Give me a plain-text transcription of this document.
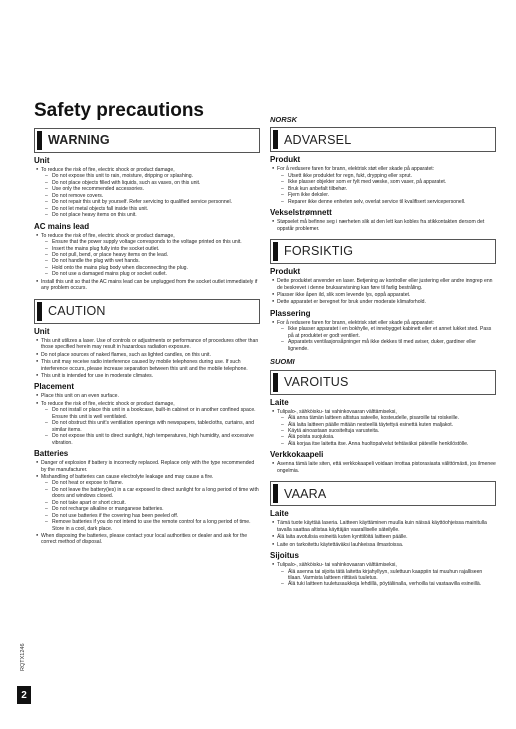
Safety precautions
WARNING
Unit

● To reduce the risk of fire, electric shock or product damage,

– Do not expose this unit to rain, moisture, dripping or splashing.

– Do not place objects filled with liquids, such as vases, on this unit.

– Use only the recommended accessories.

– Do not remove covers.

– Do not repair this unit by yourself. Refer servicing to qualified service personnel.

– Do not let metal objects fall inside this unit.

– Do not place heavy items on this unit.

AC mains lead

● To reduce the risk of fire, electric shock or product damage,

– Ensure that the power supply voltage corresponds to the voltage printed on this unit.

– Insert the mains plug fully into the socket outlet.

– Do not pull, bend, or place heavy items on the lead.

– Do not handle the plug with wet hands.

– Hold onto the mains plug body when disconnecting the plug.

– Do not use a damaged mains plug or socket outlet.

● Install this unit so that the AC mains lead can be unplugged from the socket outlet immediately if any problem occurs.

CAUTION
Unit

● This unit utilizes a laser. Use of controls or adjustments or performance of procedures other than those specified herein may result in hazardous radiation exposure.

● Do not place sources of naked flames, such as lighted candles, on this unit.

● This unit may receive radio interference caused by mobile telephones during use. If such interference occurs, please increase separation between this unit and the mobile telephone.

● This unit is intended for use in moderate climates.

Placement

● Place this unit on an even surface.

● To reduce the risk of fire, electric shock or product damage,

– Do not install or place this unit in a bookcase, built-in cabinet or in another confined space. Ensure this unit is well ventilated.

– Do not obstruct this unit's ventilation openings with newspapers, tablecloths, curtains, and similar items.

– Do not expose this unit to direct sunlight, high temperatures, high humidity, and excessive vibration.

Batteries

● Danger of explosion if battery is incorrectly replaced. Replace only with the type recommended by the manufacturer.

● Mishandling of batteries can cause electrolyte leakage and may cause a fire.

– Do not heat or expose to flame.

– Do not leave the battery(ies) in a car exposed to direct sunlight for a long period of time with doors and windows closed.

– Do not take apart or short circuit.

– Do not recharge alkaline or manganese batteries.

– Do not use batteries if the covering has been peeled off.

– Remove batteries if you do not intend to use the remote control for a long period of time. Store in a cool, dark place.

● When disposing the batteries, please contact your local authorities or dealer and ask for the correct method of disposal.

NORSK
ADVARSEL
Produkt

● For å redusere faren for brann, elektrisk støt eller skade på apparatet:

– Utsett ikke produktet for regn, fukt, drypping eller sprut.

– Ikke plasser objekter som er fylt med væske, som vaser, på apparatet.

– Bruk kun anbefalt tilbehør.

– Fjern ikke deksler.

– Reparer ikke denne enheten selv, overlat service til kvalifisert servicepersonell.

Vekselstrømnett

● Støpselet må befinne seg i nærheten slik at den lett kan kobles fra stikkontakten dersom det oppstår problemer.

FORSIKTIG
Produkt

● Dette produktet anvender en laser. Betjening av kontroller eller justering eller andre inngrep enn de beskrevet i denne bruksanvisning kan føre til farlig bestråling.

● Plasser ikke åpen ild, slik som levende lys, oppå apparatet.

● Dette apparatet er beregnet for bruk under moderate klimaforhold.

Plassering

● For å redusere faren for brann, elektrisk støt eller skade på apparatet:

– Ikke plasser apparatet i en bokhylle, et innebygget kabinett eller et annet lukket sted. Pass på at produktet er godt ventilert.

– Apparatets ventilasjonsåpninger må ikke dekkes til med aviser, duker, gardiner eller lignende.

SUOMI
VAROITUS
Laite

● Tulipalo-, sähköisku- tai vahinkovaaran välttämiseksi,

– Älä anna tämän laitteen altistua sateelle, kosteudelle, pisaroille tai roiskeille.

– Älä laita laitteen päälle mitään nesteellä täytettyä esinettä kuten maljakot.

– Käytä ainoastaan suositeltuja varusteita.

– Älä poista suojuksia.

– Älä korjaa itse laitetta itse. Anna huoltopalvelut tehtäväksi päteville henkilöstölle.

Verkkokaapeli

● Asenna tämä laite siten, että verkkokaapeli voidaan irrottaa pistorasiasta välittömästi, jos ilmenee ongelmia.

VAARA
Laite

● Tämä tuote käyttää laseria. Laitteen käyttäminen muulla kuin näissä käyttöohjeissa mainitulla tavalla saattaa altistaa käyttäjän vaaralliselle säteilylle.

● Älä laita avotulisia esineitä kuten kynttilöitä laitteen päälle.

● Laite on tarkoitettu käytettäväksi lauhkeissa ilmastoissa.

Sijoitus

● Tulipalo-, sähköisku- tai vahinkovaaran välttämiseksi,

– Älä asenna tai sijoita tätä laitetta kirjahyllyyn, sulettuun kaappiin tai muuhun rajalliseen tilaan. Varmista laitteen riittävä tuuletus.

– Älä tuki laitteen tuuletusaukkoja lehdillä, pöytäliinalla, verhoilla tai vastaavilla esineillä.

RQTX1246
2
